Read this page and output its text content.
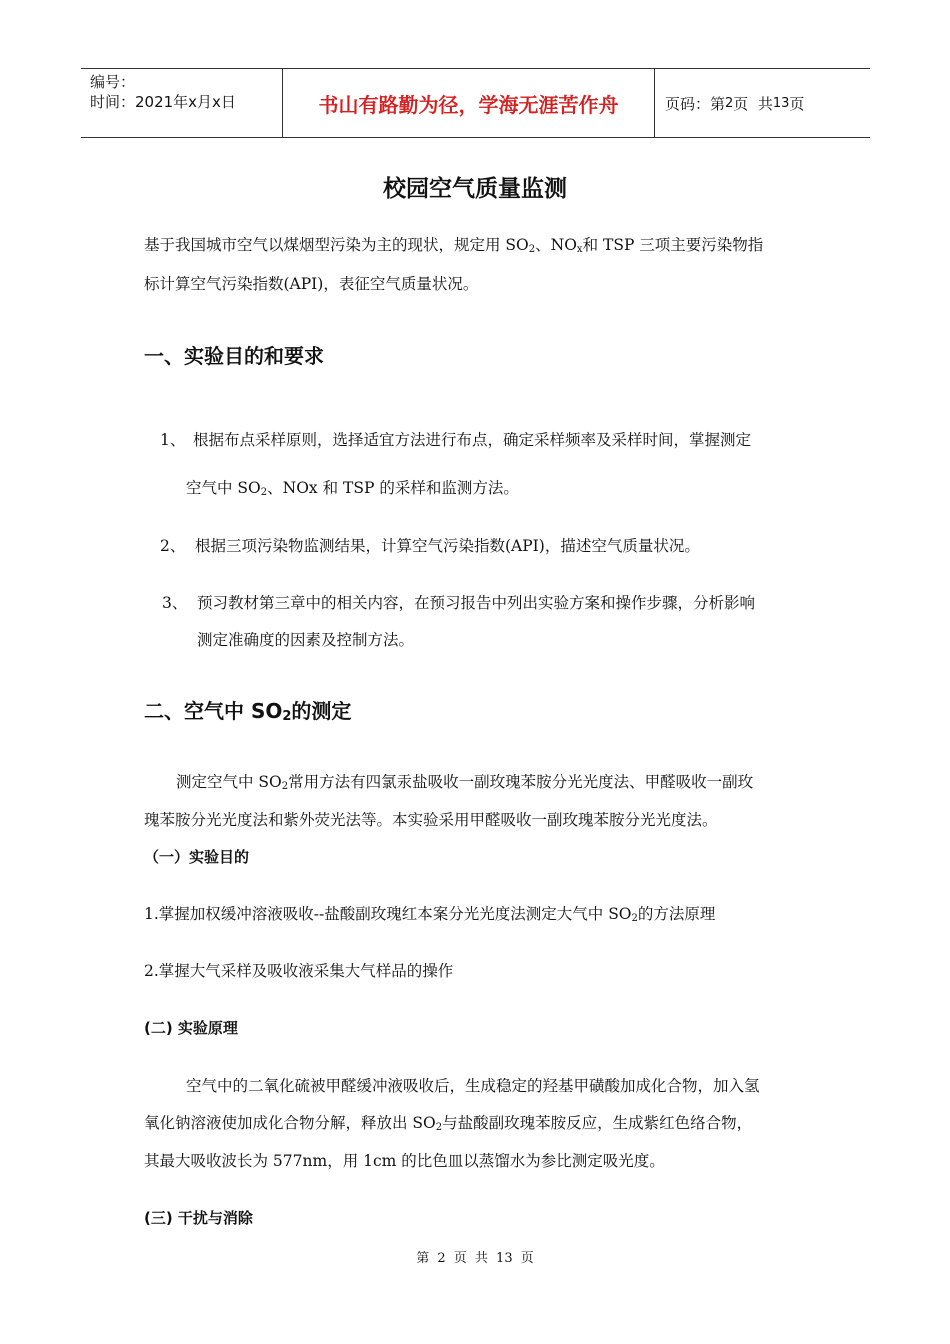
编号：
时间：2021年x月x日	书山有路勤为径，学海无涯苦作舟	页码：第 2 页  共 13 页
校园空气质量监测
基于我国城市空气以煤烟型污染为主的现状，规定用 $SO_2$、$NO_x$和 TSP 三项主要污染物指
标计算空气污染指数(API)，表征空气质量状况。
一、实验目的和要求
1、 根据布点采样原则，选择适宜方法进行布点，确定采样频率及采样时间，掌握测定
空气中 $SO_2$、NOx 和 TSP 的采样和监测方法。
2、 根据三项污染物监测结果，计算空气污染指数(API)，描述空气质量状况。
3、 预习教材第三章中的相关内容，在预习报告中列出实验方案和操作步骤，分析影响
测定准确度的因素及控制方法。
二、空气中 $SO_2$的测定
测定空气中 $SO_2$常用方法有四氯汞盐吸收一副玫瑰苯胺分光光度法、甲醛吸收一副玫
瑰苯胺分光光度法和紫外荧光法等。本实验采用甲醛吸收一副玫瑰苯胺分光光度法。
（一）实验目的
1.掌握加权缓冲溶液吸收--盐酸副玫瑰红本案分光光度法测定大气中 $SO_2$的方法原理
2.掌握大气采样及吸收液采集大气样品的操作
(二) 实验原理
空气中的二氧化硫被甲醛缓冲液吸收后，生成稳定的羟基甲磺酸加成化合物，加入氢
氧化钠溶液使加成化合物分解，释放出 $SO_2$与盐酸副玫瑰苯胺反应，生成紫红色络合物，
其最大吸收波长为 577nm，用 1cm 的比色皿以蒸馏水为参比测定吸光度。
(三) 干扰与消除
第 2 页 共 13 页
